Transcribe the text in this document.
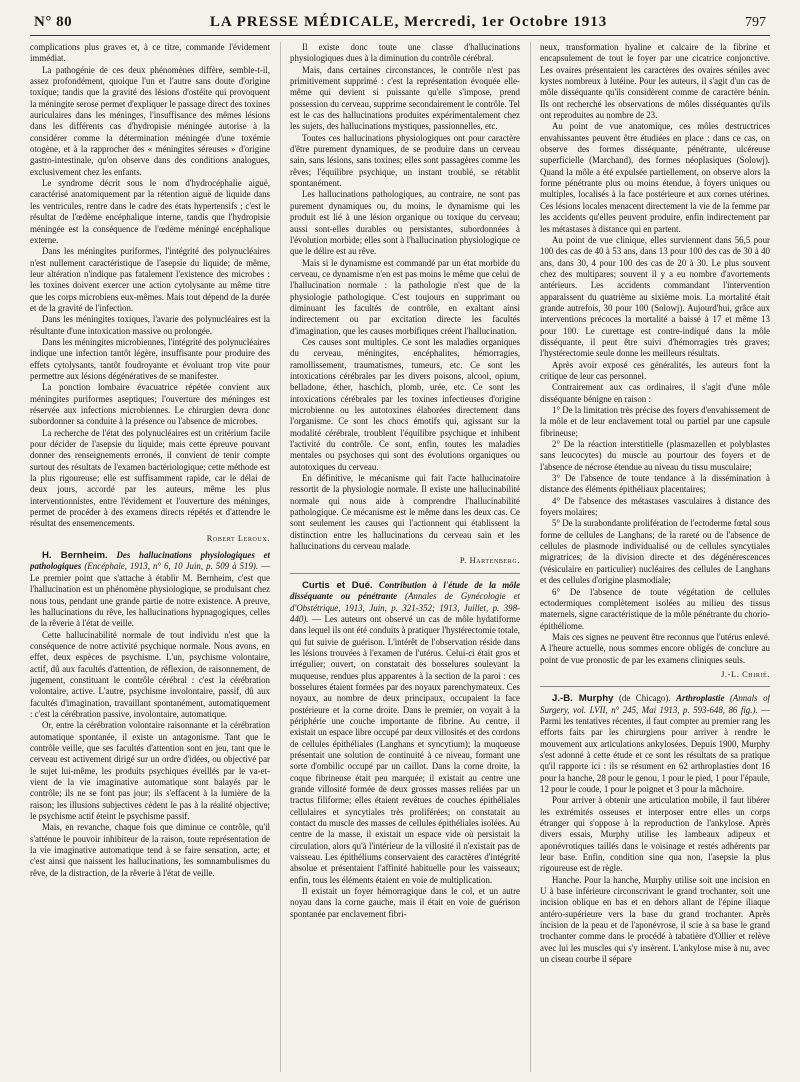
N° 80	LA PRESSE MÉDICALE, Mercredi, 1er Octobre 1913	797

complications plus graves et, à ce titre, commande l'évidement immédiat.

La pathogénie de ces deux phénomènes diffère, semble-t-il, assez profondément, quoique l'un et l'autre sans doute d'origine toxique; tandis que la gravité des lésions d'ostéite qui provoquent la méningite serose permet d'expliquer le passage direct des toxines auriculaires dans les méninges, l'insuffisance des mêmes lésions dans les différents cas d'hydropisie méningée autorise à la considérer comme la détermination méningée d'une toxémie otogène, et à la rapprocher des « méningites séreuses » d'origine gastro-intestinale, qu'on observe dans des conditions analogues, exclusivement chez les enfants.

Le syndrome décrit sous le nom d'hydrocéphalie aiguë, caractérisé anatomiquement par la rétention aiguë de liquide dans les ventricules, rentre dans le cadre des états hypertensifs ; c'est le résultat de l'œdème encéphalique interne, tandis que l'hydropisie méningée est la conséquence de l'œdème méningé encéphalique externe.

Dans les méningites puriformes, l'intégrité des polynucléaires n'est nullement caractéristique de l'asepsie du liquide; de même, leur altération n'indique pas fatalement l'existence des microbes : les toxines doivent exercer une action cytolysante au même titre que les corps microbiens eux-mêmes. Mais tout dépend de la durée et de la gravité de l'infection.

Dans les méningites toxiques, l'avarie des polynucléaires est la résultante d'une intoxication massive ou prolongée.

Dans les méningites microbiennes, l'intégrité des polynucléaires indique une infection tantôt légère, insuffisante pour produire des effets cytolysants, tantôt foudroyante et évoluant trop vite pour permettre aux lésions dégénératives de se manifester.

La ponction lombaire évacuatrice répétée convient aux méningites puriformes aseptiques; l'ouverture des méninges est réservée aux infections microbiennes. Le chirurgien devra donc subordonner sa conduite à la présence ou l'absence de microbes.

La recherche de l'état des polynucléaires est un critérium facile pour décider de l'asepsie du liquide; mais cette épreuve pouvant donner des renseignements erronés, il convient de tenir compte surtout des résultats de l'examen bactériologique; cette méthode est la plus rigoureuse; elle est suffisamment rapide, car le délai de deux jours, accordé par les auteurs, même les plus interventionnistes, entre l'évidement et l'ouverture des méninges, permet de procéder à des examens directs répétés et d'attendre le résultat des ensemencements.

Robert Leroux.

H. Bernheim. Des hallucinations physiologiques et pathologiques (Encéphale, 1913, n° 6, 10 Juin, p. 509 à 519). — Le premier point que s'attache à établir M. Bernheim, c'est que l'hallucination est un phénomène physiologique, se produisant chez nous tous, pendant une grande partie de notre existence. A preuve, les hallucinations du rêve, les hallucinations hypnagogiques, celles de la rêverie à l'état de veille.

Cette hallucinabilité normale de tout individu n'est que la conséquence de notre activité psychique normale. Nous avons, en effet, deux espèces de psychisme. L'un, psychisme volontaire, actif, dû aux facultés d'attention, de réflexion, de raisonnement, de jugement, constituant le contrôle cérébral : c'est la cérébration volontaire, active. L'autre, psychisme involontaire, passif, dû aux facultés d'imagination, travaillant spontanément, automatiquement : c'est la cérébration passive, involontaire, automatique.

Or, entre la cérébration volontaire raisonnante et la cérébration automatique spontanée, il existe un antagonisme. Tant que le contrôle veille, que ses facultés d'attention sont en jeu, tant que le cerveau est activement dirigé sur un ordre d'idées, ou objectivé par le sujet lui-même, les produits psychiques éveillés par le va-et-vient de la vie imaginative automatique sont balayés par le contrôle; ils ne se font pas jour; ils s'effacent à la lumière de la raison; les illusions subjectives cèdent le pas à la réalité objective; le psychisme actif éteint le psychisme passif.

Mais, en revanche, chaque fois que diminue ce contrôle, qu'il s'atténue le pouvoir inhibiteur de la raison, toute représentation de la vie imaginative automatique tend à se faire sensation, acte; et c'est ainsi que naissent les hallucinations, les somnambulismes du rêve, de la distraction, de la rêverie à l'état de veille.

Il existe donc toute une classe d'hallucinations physiologiques dues à la diminution du contrôle cérébral.

Mais, dans certaines circonstances, le contrôle n'est pas primitivement supprimé : c'est la représentation évoquée elle-même qui devient si puissante qu'elle s'impose, prend possession du cerveau, supprime secondairement le contrôle. Tel est le cas des hallucinations produites expérimentalement chez les sujets, des hallucinations mystiques, passionnelles, etc.

Toutes ces hallucinations physiologiques ont pour caractère d'être purement dynamiques, de se produire dans un cerveau sain, sans lésions, sans toxines; elles sont passagères comme les rêves; l'équilibre psychique, un instant troublé, se rétablit spontanément.

Les hallucinations pathologiques, au contraire, ne sont pas purement dynamiques ou, du moins, le dynamisme qui les produit est lié à une lésion organique ou toxique du cerveau; aussi sont-elles durables ou persistantes, subordonnées à l'évolution morbide; elles sont à l'hallucination physiologique ce que le délire est au rêve.

Mais si le dynamisme est commandé par un état morbide du cerveau, ce dynamisme n'en est pas moins le même que celui de l'hallucination normale : la pathologie n'est que de la physiologie pathologique. C'est toujours en supprimant ou diminuant les facultés de contrôle, en exaltant ainsi indirectement ou par excitation directe les facultés d'imagination, que les causes morbifiques créent l'hallucination.

Ces causes sont multiples. Ce sont les maladies organiques du cerveau, méningites, encéphalites, hémorragies, ramollissement, traumatismes, tumeurs, etc. Ce sont les intoxications cérébrales par les divers poisons, alcool, opium, belladone, éther, haschich, plomb, urée, etc. Ce sont les intoxications cérébrales par les toxines infectieuses d'origine microbienne ou les autotoxines élaborées directement dans l'organisme. Ce sont les chocs émotifs qui, agissant sur la modalité cérébrale, troublent l'équilibre psychique et inhibent l'activité du contrôle. Ce sont, enfin, toutes les maladies mentales ou psychoses qui sont des évolutions organiques ou autotoxiques du cerveau.

En définitive, le mécanisme qui fait l'acte hallucinatoire ressortit de la physiologie normale. Il existe une hallucinabilité normale qui nous aide à comprendre l'hallucinabilité pathologique. Ce mécanisme est le même dans les deux cas. Ce sont seulement les causes qui l'actionnent qui établissent la distinction entre les hallucinations du cerveau sain et les hallucinations du cerveau malade.

P. Hartenberg.

Curtis et Dué. Contribution à l'étude de la môle disséquante ou pénétrante (Annales de Gynécologie et d'Obstétrique, 1913, Juin, p. 321-352; 1913, Juillet, p. 398-440). — Les auteurs ont observé un cas de môle hydatiforme dans lequel ils ont été conduits à pratiquer l'hystérectomie totale, qui fut suivie de guérison. L'intérêt de l'observation réside dans les lésions trouvées à l'examen de l'utérus. Celui-ci était gros et irrégulier; ouvert, on constatait des bosselures soulevant la muqueuse, rendues plus apparentes à la section de la paroi : ces bosselures étaient formées par des noyaux parenchymateux. Ces noyaux, au nombre de deux principaux, occupaient la face postérieure et la corne droite. Dans le premier, on voyait à la périphérie une couche importante de fibrine. Au centre, il existait un espace libre occupé par deux villosités et des cordons de cellules épithéliales (Langhans et syncytium); la muqueuse présentait une solution de continuité à ce niveau, formant une sorte d'ombilic occupé par un caillot. Dans la corne droite, la coque fibrineuse était peu marquée; il existait au centre une grande villosité formée de deux grosses masses reliées par un tractus filiforme; elles étaient revêtues de couches épithéliales cellulaires et syncytiales très proliférées; on constatait au contact du muscle des masses de cellules épithéliales isolées. Au centre de la masse, il existait un espace vide où persistait la circulation, alors qu'à l'intérieur de la villosité il n'existait pas de vaisseau. Les épithéliums conservaient des caractères d'intégrité absolue et présentaient l'affinité habituelle pour les vaisseaux; enfin, tous les éléments étaient en voie de multiplication.

Il existait un foyer hémorragique dans le col, et un autre noyau dans la corne gauche, mais il était en voie de guérison spontanée par enclavement fibri-

neux, transformation hyaline et calcaire de la fibrine et encapsulement de tout le foyer par une cicatrice conjonctive. Les ovaires présentaient les caractères des ovaires séniles avec kystes nombreux à lutéine. Pour les auteurs, il s'agit d'un cas de môle disséquante qu'ils considèrent comme de caractère bénin. Ils ont recherché les observations de môles disséquantes qu'ils ont reproduites au nombre de 23.

Au point de vue anatomique, ces môles destructrices envahissantes peuvent être étudiées en place : dans ce cas, on observe des formes disséquante, pénétrante, ulcéreuse superficielle (Marchand), des formes néoplasiques (Solowj). Quand la môle a été expulsée partiellement, on observe alors la forme pénétrante plus ou moins étendue, à foyers uniques ou multiples, localisés à la face postérieure et aux cornes utérines. Ces lésions locales menacent directement la vie de la femme par les accidents qu'elles peuvent produire, enfin indirectement par les métastases à distance qui en partent.

Au point de vue clinique, elles surviennent dans 56,5 pour 100 des cas de 40 à 53 ans, dans 13 pour 100 des cas de 30 à 40 ans, dans 30, 4 pour 100 des cas de 20 à 30. Le plus souvent chez des multipares; souvent il y a eu nombre d'avortements antérieurs. Les accidents commandant l'intervention apparaissent du quatrième au sixième mois. La mortalité était grande autrefois, 30 pour 100 (Solowj). Aujourd'hui, grâce aux interventions précoces la mortalité a baissé à 17 et même 13 pour 100. Le curettage est contre-indiqué dans la môle disséquante, il peut être suivi d'hémorragies très graves; l'hystérectomie seule donne les meilleurs résultats.

Après avoir exposé ces généralités, les auteurs font la critique de leur cas personnel.

Contrairement aux cas ordinaires, il s'agit d'une môle disséquante bénigne en raison :

1° De la limitation très précise des foyers d'envahissement de la môle et de leur enclavement total ou partiel par une capsule fibrineuse;

2° De la réaction interstitielle (plasmazellen et polyblastes sans leucocytes) du muscle au pourtour des foyers et de l'absence de nécrose étendue au niveau du tissu musculaire;

3° De l'absence de toute tendance à la dissémination à distance des éléments épithéliaux placentaires;

4° De l'absence des métastases vasculaires à distance des foyers molaires;

5° De la surabondante prolifération de l'ectoderme fœtal sous forme de cellules de Langhans; de la rareté ou de l'absence de cellules de plasmode individualisé ou de cellules syncytiales migratrices; de la division directe et des dégénérescences (vésiculaire en particulier) nucléaires des cellules de Langhans et des cellules d'origine plasmodiale;

6° De l'absence de toute végétation de cellules ectodermiques complètement isolées au milieu des tissus maternels, signe caractéristique de la môle pénétrante du chorio-épithéliome.

Mais ces signes ne peuvent être reconnus que l'utérus enlevé. A l'heure actuelle, nous sommes encore obligés de conclure au point de vue pronostic de par les examens cliniques seuls.

J.-L. Chirié.

J.-B. Murphy (de Chicago). Arthroplastie (Annals of Surgery, vol. LVII, n° 245, Mai 1913, p. 593-648, 86 fig.). — Parmi les tentatives récentes, il faut compter au premier rang les efforts faits par les chirurgiens pour arriver à rendre le mouvement aux articulations ankylosées. Depuis 1900, Murphy s'est adonné à cette étude et ce sont les résultats de sa pratique qu'il rapporte ici : ils se résument en 62 arthroplasties dont 16 pour la hanche, 28 pour le genou, 1 pour le pied, 1 pour l'épaule, 12 pour le coude, 1 pour le poignet et 3 pour la mâchoire.

Pour arriver à obtenir une articulation mobile, il faut libérer les extrémités osseuses et interposer entre elles un corps étranger qui s'oppose à la reproduction de l'ankylose. Après divers essais, Murphy utilise les lambeaux adipeux et aponévrotiques taillés dans le voisinage et restés adhérents par leur base. Enfin, condition sine qua non, l'asepsie la plus rigoureuse est de règle.

Hanche. Pour la hanche, Murphy utilise soit une incision en U à base inférieure circonscrivant le grand trochanter, soit une incision oblique en bas et en dehors allant de l'épine iliaque antéro-supérieure vers la base du grand trochanter. Après incision de la peau et de l'aponévrose, il scie à sa base le grand trochanter comme dans le procédé à tabatière d'Ollier et relève avec lui les muscles qui s'y insèrent. L'ankylose mise à nu, avec un ciseau courbe il sépare
